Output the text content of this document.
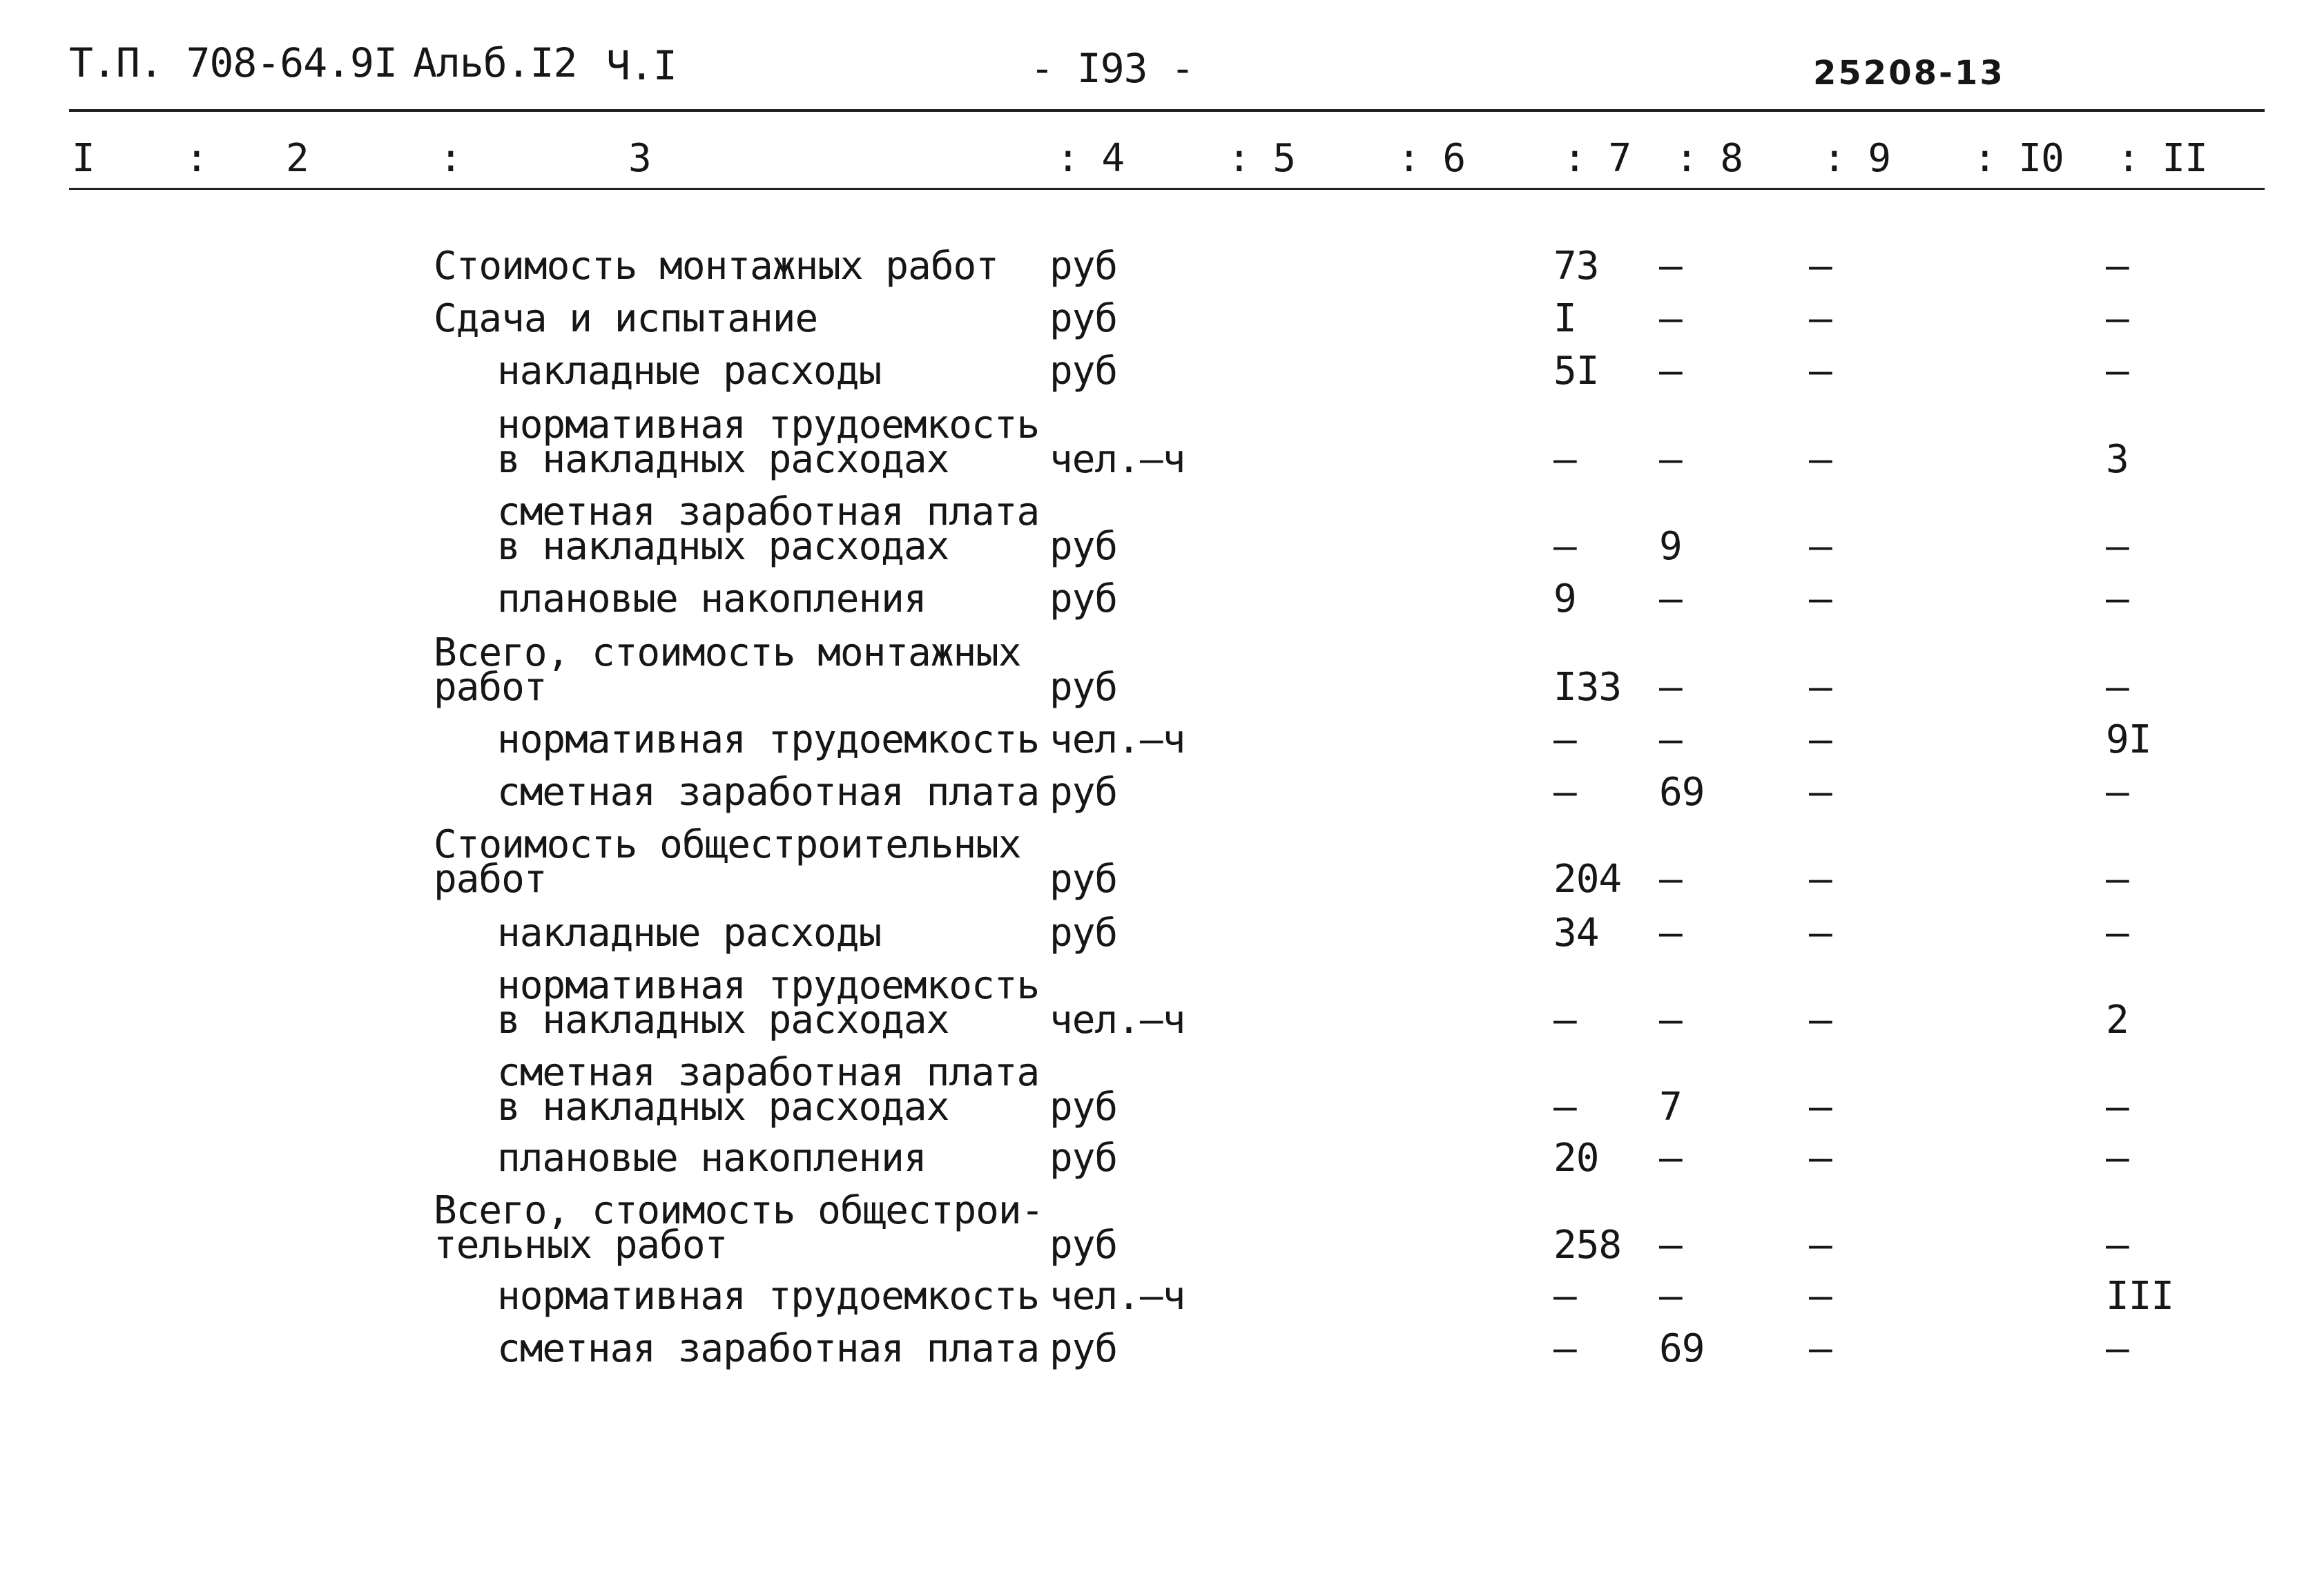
Т.П. 708-64.9I Альб.I2 Ч.I	- I93 -	25208-13
I : 2	:	3	: 4	: 5	: 6	: 7 : 8 : 9 : I0 : II
Стоимость монтажных работ руб	73 –	–	–
Сдача и испытание	руб	I –	–	–
накладные расходы	руб	5I –	–	–
нормативная трудоемкость
в накладных расходах	чел.–ч	– –	–	3
сметная заработная плата
в накладных расходах	руб	– 9	–	–
плановые накопления	руб	9 –	–	–
Всего, стоимость монтажных
работ	руб	I33 –	–	–
нормативная трудоемкость чел.–ч	– –	–	9I
сметная заработная плата руб	– 69	–	–
Стоимость общестроительных
работ	руб	204 –	–	–
накладные расходы	руб	34 –	–	–
нормативная трудоемкость
в накладных расходах	чел.–ч	– –	–	2
сметная заработная плата
в накладных расходах	руб	– 7	–	–
плановые накопления	руб	20 –	–	–
Всего, стоимость общестрои-
тельных работ	руб	258 –	–	–
нормативная трудоемкость чел.–ч	– –	–	III
сметная заработная плата руб	– 69	–	–
